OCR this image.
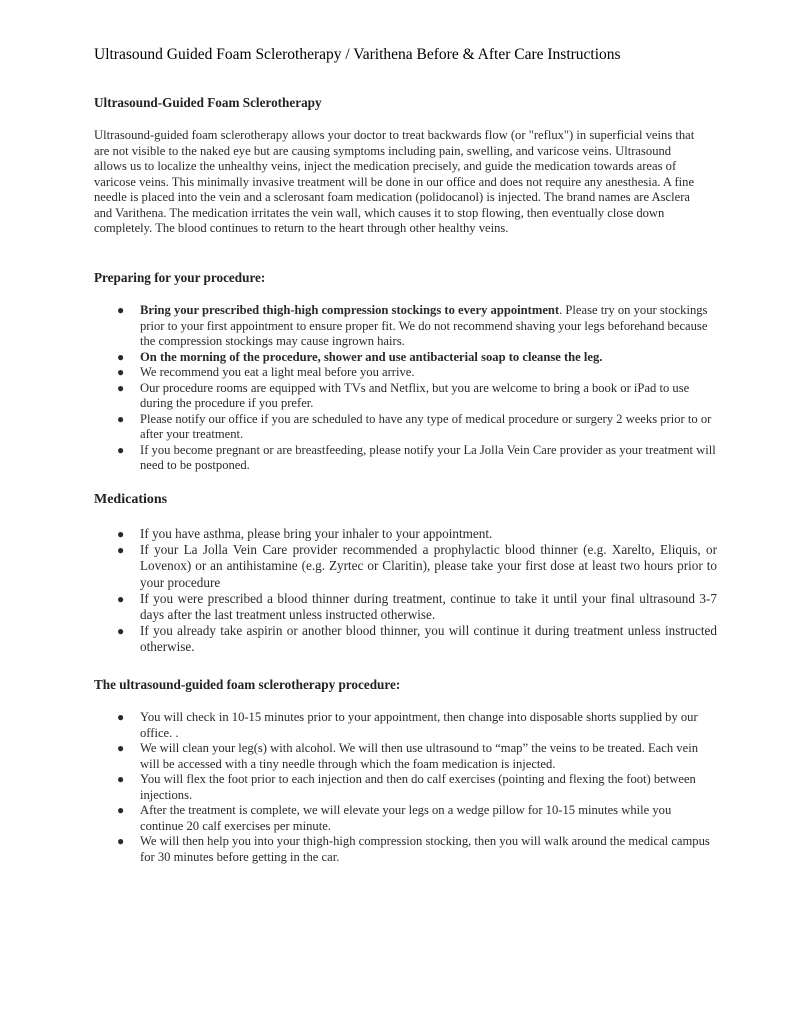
Ultrasound Guided Foam Sclerotherapy / Varithena Before & After Care Instructions
Ultrasound-Guided Foam Sclerotherapy

Ultrasound-guided foam sclerotherapy allows your doctor to treat backwards flow (or "reflux") in superficial veins that are not visible to the naked eye but are causing symptoms including pain, swelling, and varicose veins. Ultrasound allows us to localize the unhealthy veins, inject the medication precisely, and guide the medication towards areas of varicose veins. This minimally invasive treatment will be done in our office and does not require any anesthesia. A fine needle is placed into the vein and a sclerosant foam medication (polidocanol) is injected. The brand names are Asclera and Varithena. The medication irritates the vein wall, which causes it to stop flowing, then eventually close down completely. The blood continues to return to the heart through other healthy veins.

Preparing for your procedure:
● Bring your prescribed thigh-high compression stockings to every appointment. Please try on your stockings prior to your first appointment to ensure proper fit. We do not recommend shaving your legs beforehand because the compression stockings may cause ingrown hairs.
● On the morning of the procedure, shower and use antibacterial soap to cleanse the leg.
● We recommend you eat a light meal before you arrive.
● Our procedure rooms are equipped with TVs and Netflix, but you are welcome to bring a book or iPad to use during the procedure if you prefer.
● Please notify our office if you are scheduled to have any type of medical procedure or surgery 2 weeks prior to or after your treatment.
● If you become pregnant or are breastfeeding, please notify your La Jolla Vein Care provider as your treatment will need to be postponed.
Medications
● If you have asthma, please bring your inhaler to your appointment.
● If your La Jolla Vein Care provider recommended a prophylactic blood thinner (e.g. Xarelto, Eliquis, or Lovenox) or an antihistamine (e.g. Zyrtec or Claritin), please take your first dose at least two hours prior to your procedure
● If you were prescribed a blood thinner during treatment, continue to take it until your final ultrasound 3-7 days after the last treatment unless instructed otherwise.
● If you already take aspirin or another blood thinner, you will continue it during treatment unless instructed otherwise.
The ultrasound-guided foam sclerotherapy procedure:
● You will check in 10-15 minutes prior to your appointment, then change into disposable shorts supplied by our office. .
● We will clean your leg(s) with alcohol. We will then use ultrasound to “map” the veins to be treated. Each vein will be accessed with a tiny needle through which the foam medication is injected.
● You will flex the foot prior to each injection and then do calf exercises (pointing and flexing the foot) between injections.
● After the treatment is complete, we will elevate your legs on a wedge pillow for 10-15 minutes while you continue 20 calf exercises per minute.
● We will then help you into your thigh-high compression stocking, then you will walk around the medical campus for 30 minutes before getting in the car.
